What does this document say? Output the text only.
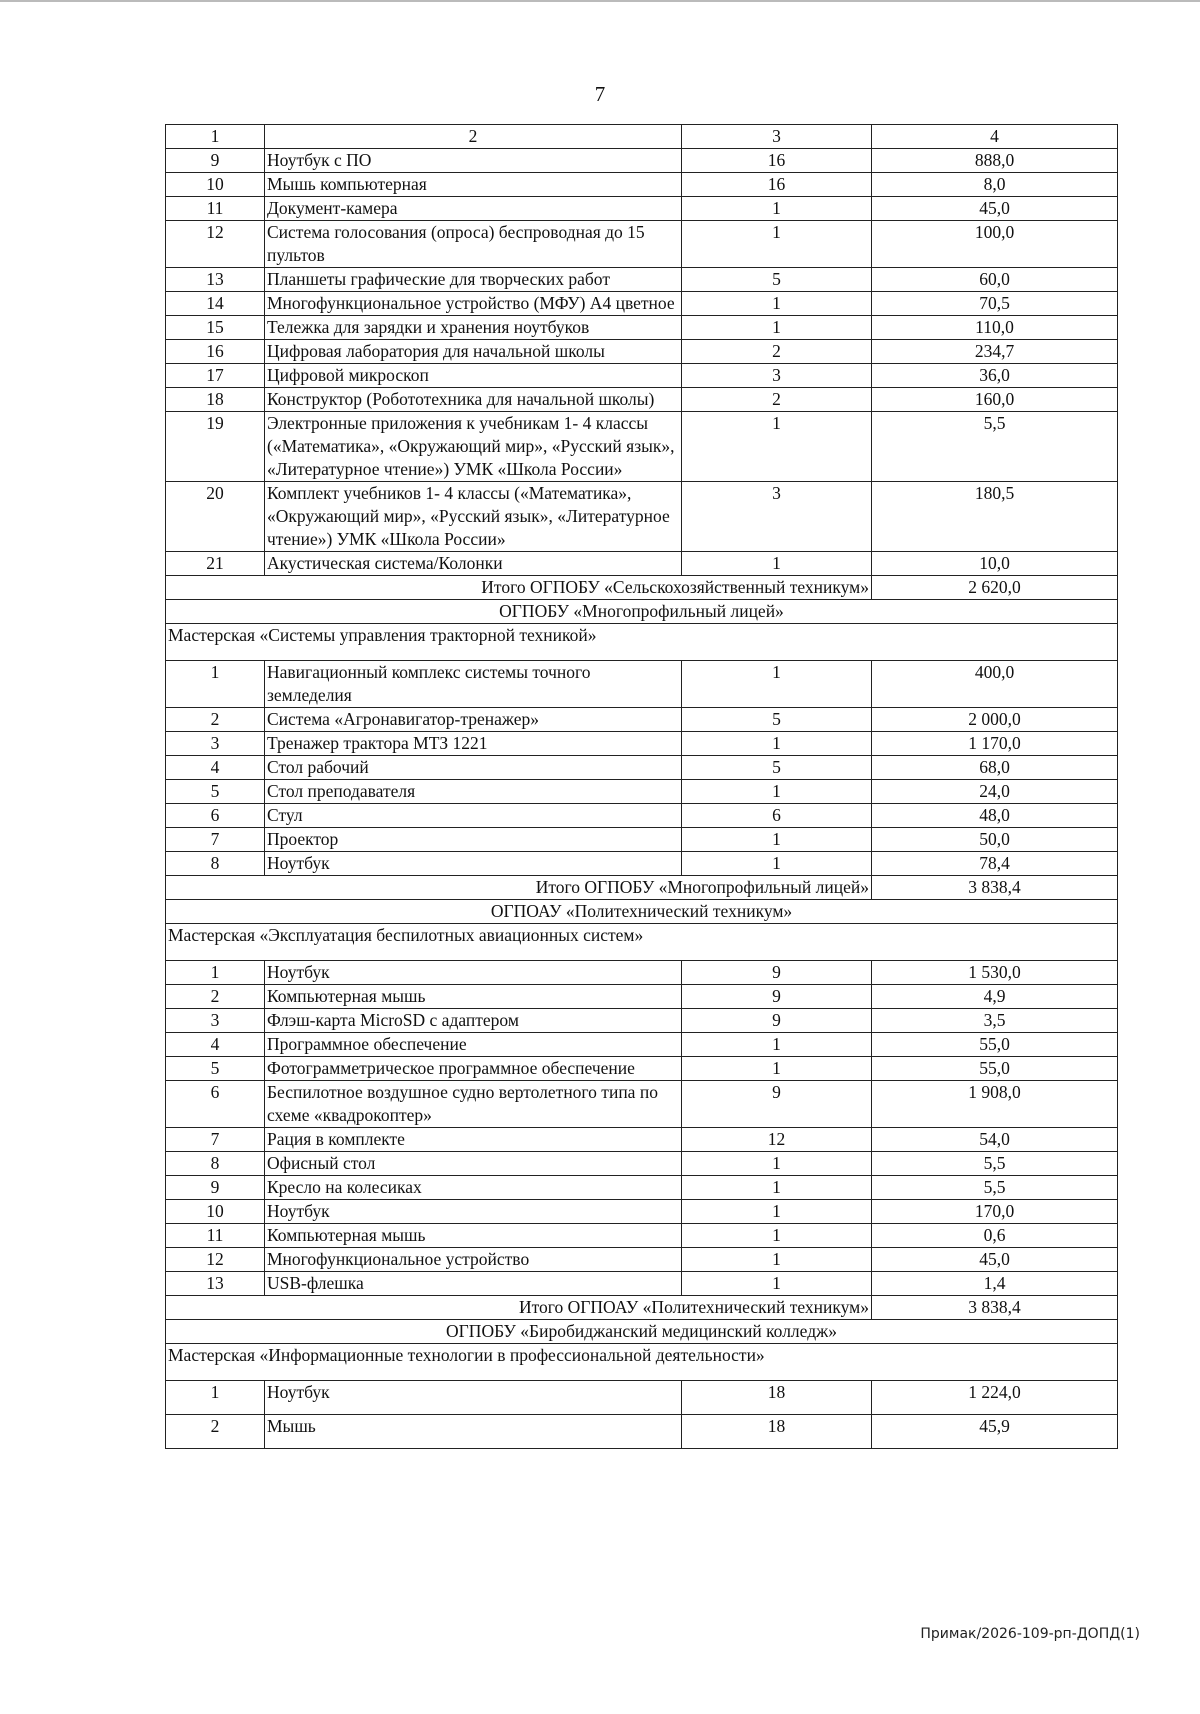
7
1	2	3	4
9	Ноутбук с ПО	16	888,0
10	Мышь компьютерная	16	8,0
11	Документ-камера	1	45,0
12	Система голосования (опроса) беспроводная до 15 пультов	1	100,0
13	Планшеты графические для творческих работ	5	60,0
14	Многофункциональное устройство (МФУ) А4 цветное	1	70,5
15	Тележка для зарядки и хранения ноутбуков	1	110,0
16	Цифровая лаборатория для начальной школы	2	234,7
17	Цифровой микроскоп	3	36,0
18	Конструктор (Робототехника для начальной школы)	2	160,0
19	Электронные приложения к учебникам 1- 4 классы («Математика», «Окружающий мир», «Русский язык», «Литературное чтение») УМК «Школа России»	1	5,5
20	Комплект учебников 1- 4 классы («Математика», «Окружающий мир», «Русский язык», «Литературное чтение») УМК «Школа России»	3	180,5
21	Акустическая система/Колонки	1	10,0
Итого ОГПОБУ «Сельскохозяйственный техникум»			2 620,0
ОГПОБУ «Многопрофильный лицей»			
Мастерская «Системы управления тракторной техникой»			
1	Навигационный комплекс системы точного земледелия	1	400,0
2	Система «Агронавигатор-тренажер»	5	2 000,0
3	Тренажер трактора МТЗ 1221	1	1 170,0
4	Стол рабочий	5	68,0
5	Стол преподавателя	1	24,0
6	Стул	6	48,0
7	Проектор	1	50,0
8	Ноутбук	1	78,4
Итого ОГПОБУ «Многопрофильный лицей»			3 838,4
ОГПОАУ «Политехнический техникум»			
Мастерская «Эксплуатация беспилотных авиационных систем»			
1	Ноутбук	9	1 530,0
2	Компьютерная мышь	9	4,9
3	Флэш-карта MicroSD с адаптером	9	3,5
4	Программное обеспечение	1	55,0
5	Фотограмметрическое программное обеспечение	1	55,0
6	Беспилотное воздушное судно вертолетного типа по схеме «квадрокоптер»	9	1 908,0
7	Рация в комплекте	12	54,0
8	Офисный стол	1	5,5
9	Кресло на колесиках	1	5,5
10	Ноутбук	1	170,0
11	Компьютерная мышь	1	0,6
12	Многофункциональное устройство	1	45,0
13	USB-флешка	1	1,4
Итого ОГПОАУ «Политехнический техникум»			3 838,4
ОГПОБУ «Биробиджанский медицинский колледж»			
Мастерская «Информационные технологии в профессиональной деятельности»			
1	Ноутбук	18	1 224,0
2	Мышь	18	45,9
Примак/2026-109-рп-ДОПД(1)
